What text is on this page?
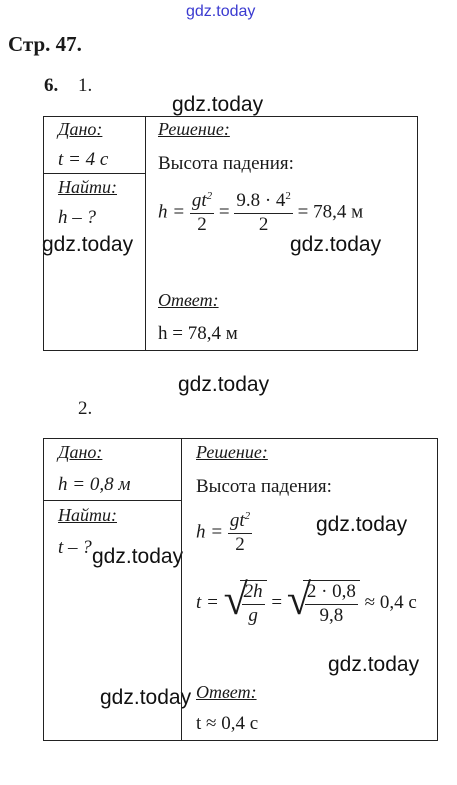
gdz.today
gdz.today
gdz.today	gdz.today
gdz.today
gdz.today
gdz.today
gdz.today
gdz.today
Стр. 47.
6. 1.
2.
Дано:
t = 4 с
Найти:
h – ?
Решение:
Высота падения:
$h = \frac{gt^2}{2} = \frac{9.8 \cdot 4^2}{2} = 78,4$ м
Ответ:
h = 78,4 м
Дано:
h = 0,8 м
Найти:
t – ?
Решение:
Высота падения:
$h = \frac{gt^2}{2}$
t = √
$\frac{2h}{g}$ = √
$\frac{2 \cdot 0,8}{9,8} \approx 0,4$ с
Ответ:
t ≈ 0,4 с
